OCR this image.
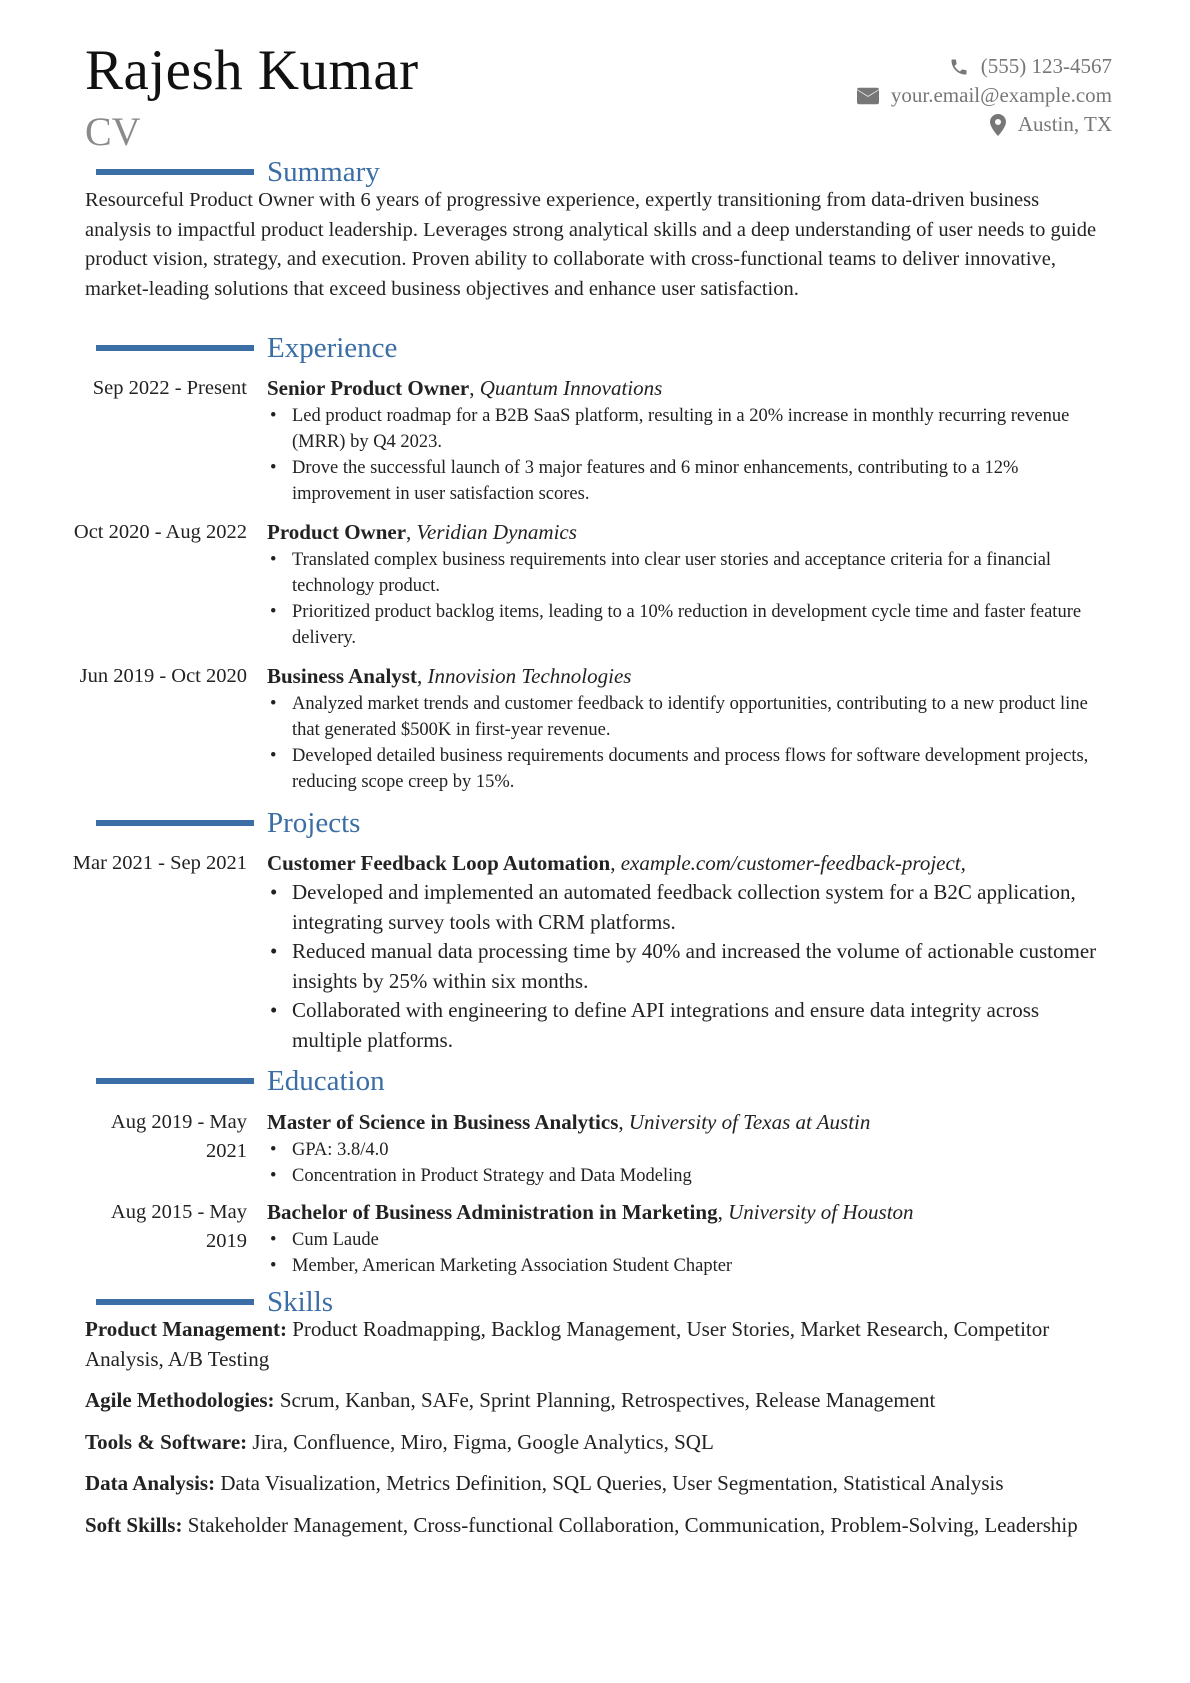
Rajesh Kumar
CV
(555) 123-4567
your.email@example.com
Austin, TX
Summary
Resourceful Product Owner with 6 years of progressive experience, expertly transitioning from data-driven business analysis to impactful product leadership. Leverages strong analytical skills and a deep understanding of user needs to guide product vision, strategy, and execution. Proven ability to collaborate with cross-functional teams to deliver innovative, market-leading solutions that exceed business objectives and enhance user satisfaction.
Experience
Sep 2022 - Present Senior Product Owner, Quantum Innovations
• Led product roadmap for a B2B SaaS platform, resulting in a 20% increase in monthly recurring revenue (MRR) by Q4 2023.
• Drove the successful launch of 3 major features and 6 minor enhancements, contributing to a 12% improvement in user satisfaction scores.
Oct 2020 - Aug 2022 Product Owner, Veridian Dynamics
• Translated complex business requirements into clear user stories and acceptance criteria for a financial technology product.
• Prioritized product backlog items, leading to a 10% reduction in development cycle time and faster feature delivery.
Jun 2019 - Oct 2020 Business Analyst, Innovision Technologies
• Analyzed market trends and customer feedback to identify opportunities, contributing to a new product line that generated $500K in first-year revenue.
• Developed detailed business requirements documents and process flows for software development projects, reducing scope creep by 15%.
Projects
Mar 2021 - Sep 2021 Customer Feedback Loop Automation, example.com/customer-feedback-project,
• Developed and implemented an automated feedback collection system for a B2C application, integrating survey tools with CRM platforms.
• Reduced manual data processing time by 40% and increased the volume of actionable customer insights by 25% within six months.
• Collaborated with engineering to define API integrations and ensure data integrity across multiple platforms.
Education
Aug 2019 - May 2021
Master of Science in Business Analytics, University of Texas at Austin
• GPA: 3.8/4.0
• Concentration in Product Strategy and Data Modeling
Aug 2015 - May 2019
Bachelor of Business Administration in Marketing, University of Houston
• Cum Laude
• Member, American Marketing Association Student Chapter
Skills
Product Management: Product Roadmapping, Backlog Management, User Stories, Market Research, Competitor Analysis, A/B Testing
Agile Methodologies: Scrum, Kanban, SAFe, Sprint Planning, Retrospectives, Release Management
Tools & Software: Jira, Confluence, Miro, Figma, Google Analytics, SQL
Data Analysis: Data Visualization, Metrics Definition, SQL Queries, User Segmentation, Statistical Analysis
Soft Skills: Stakeholder Management, Cross-functional Collaboration, Communication, Problem-Solving, Leadership
